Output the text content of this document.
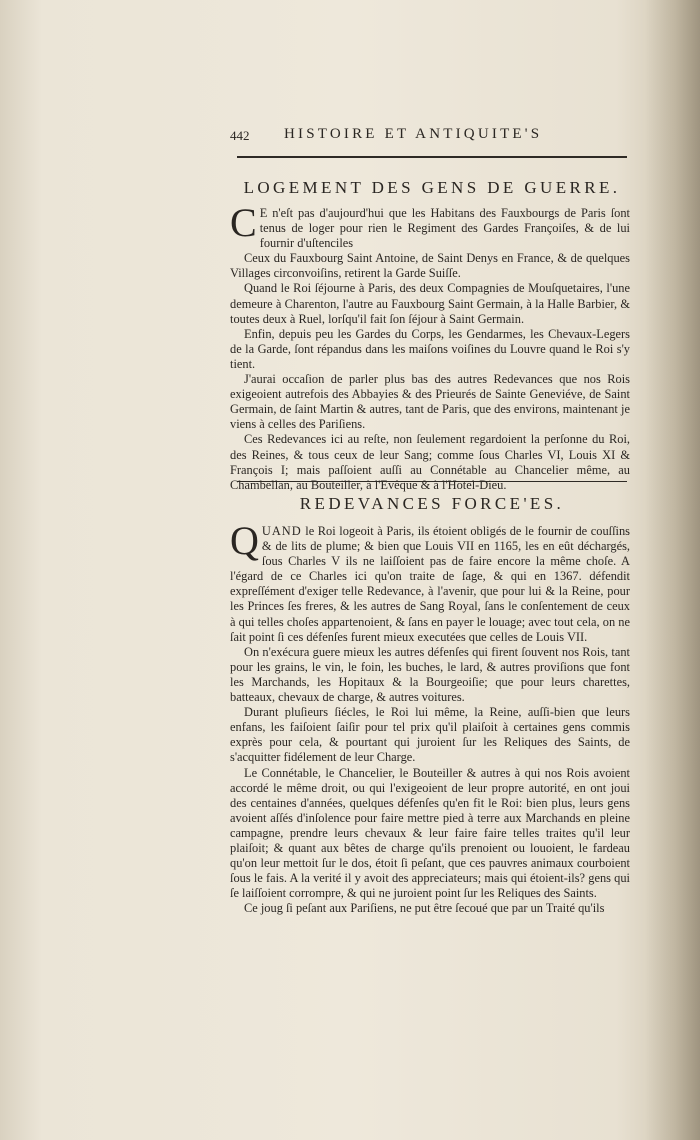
442 HISTOIRE ET ANTIQUITE'S
LOGEMENT DES GENS DE GUERRE.

C E n'eſt pas d'aujourd'hui que les Habitans des Fauxbourgs de Paris ſont tenus de loger pour rien le Regiment des Gardes Françoiſes, & de lui fournir d'uſtenciles

Ceux du Fauxbourg Saint Antoine, de Saint Denys en France, & de quelques Villages circonvoiſins, retirent la Garde Suiſſe.

Quand le Roi ſéjourne à Paris, des deux Compagnies de Mouſquetaires, l'une demeure à Charenton, l'autre au Fauxbourg Saint Germain, à la Halle Barbier, & toutes deux à Ruel, lorſqu'il fait ſon ſéjour à Saint Germain.

Enfin, depuis peu les Gardes du Corps, les Gendarmes, les Chevaux-Legers de la Garde, ſont répandus dans les maiſons voiſines du Louvre quand le Roi s'y tient.

J'aurai occaſion de parler plus bas des autres Redevances que nos Rois exigeoient autrefois des Abbayies & des Prieurés de Sainte Geneviéve, de Saint Germain, de ſaint Martin & autres, tant de Paris, que des environs, maintenant je viens à celles des Pariſiens.

Ces Redevances ici au reſte, non ſeulement regardoient la perſonne du Roi, des Reines, & tous ceux de leur Sang; comme ſous Charles VI, Louis XI & François I; mais paſſoient auſſi au Connétable au Chancelier même, au Chambellan, au Bouteiller, à l'Evêque & à l'Hotel-Dieu.

REDEVANCES FORCE'ES.

QUAND le Roi logeoit à Paris, ils étoient obligés de le fournir de couſſins & de lits de plume; & bien que Louis VII en 1165, les en eût déchargés, ſous Charles V ils ne laiſſoient pas de faire encore la même choſe. A l'égard de ce Charles ici qu'on traite de ſage, & qui en 1367. défendit expreſſément d'exiger telle Redevance, à l'avenir, que pour lui & la Reine, pour les Princes ſes freres, & les autres de Sang Royal, ſans le conſentement de ceux à qui telles choſes appartenoient, & ſans en payer le louage; avec tout cela, on ne ſait point ſi ces défenſes furent mieux executées que celles de Louis VII.

On n'exécura guere mieux les autres défenſes qui firent ſouvent nos Rois, tant pour les grains, le vin, le foin, les buches, le lard, & autres proviſions que font les Marchands, les Hopitaux & la Bourgeoiſie; que pour leurs charettes, batteaux, chevaux de charge, & autres voitures.

Durant pluſieurs ſiécles, le Roi lui même, la Reine, auſſi-bien que leurs enfans, les faiſoient ſaiſir pour tel prix qu'il plaiſoit à certaines gens commis exprès pour cela, & pourtant qui juroient ſur les Reliques des Saints, de s'acquitter fidélement de leur Charge.

Le Connétable, le Chancelier, le Bouteiller & autres à qui nos Rois avoient accordé le même droit, ou qui l'exigeoient de leur propre autorité, en ont joui des centaines d'années, quelques défenſes qu'en fit le Roi: bien plus, leurs gens avoient aſſés d'inſolence pour faire mettre pied à terre aux Marchands en pleine campagne, prendre leurs chevaux & leur faire faire telles traites qu'il leur plaiſoit; & quant aux bêtes de charge qu'ils prenoient ou louoient, le fardeau qu'on leur mettoit ſur le dos, étoit ſi peſant, que ces pauvres animaux courboient ſous le fais. A la verité il y avoit des appreciateurs; mais qui étoient-ils? gens qui ſe laiſſoient corrompre, & qui ne juroient point ſur les Reliques des Saints.

Ce joug ſi peſant aux Pariſiens, ne put être ſecoué que par un Traité qu'ils
